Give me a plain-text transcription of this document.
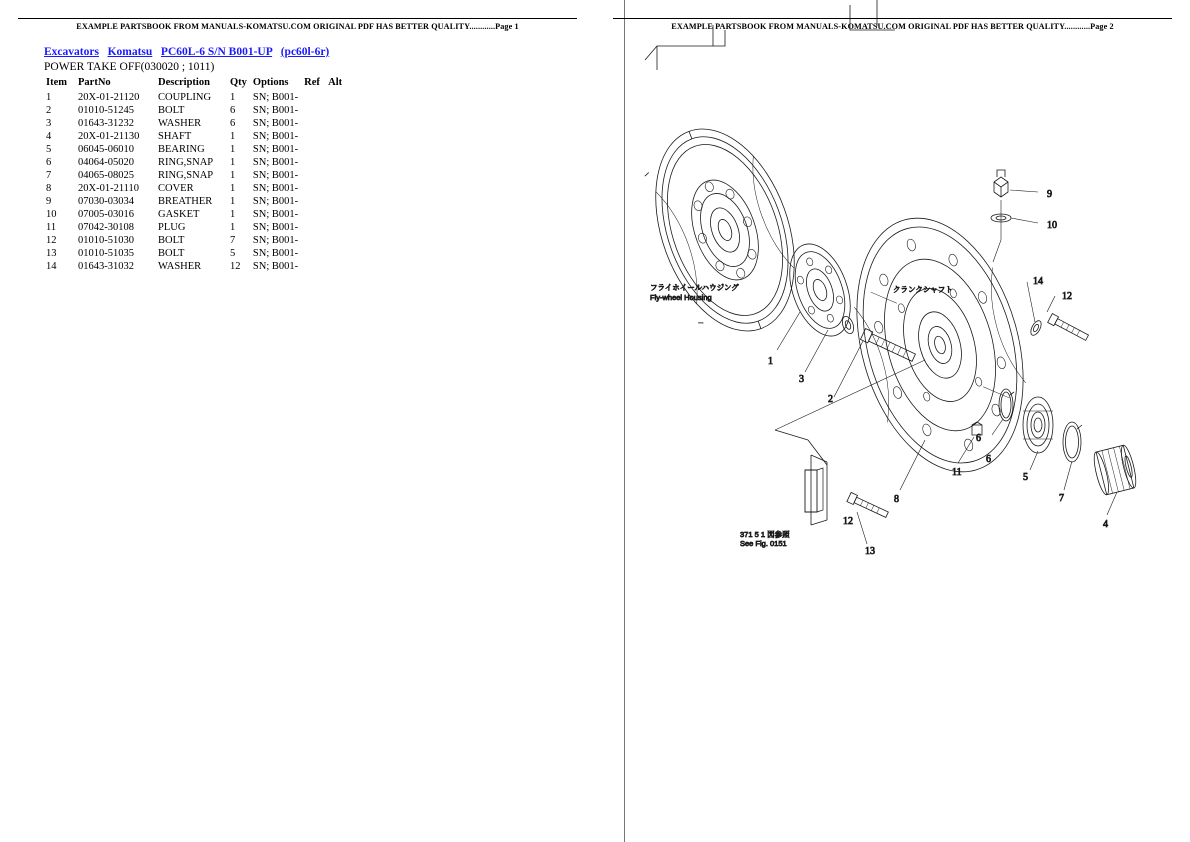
EXAMPLE PARTSBOOK FROM MANUALS-KOMATSU.COM ORIGINAL PDF HAS BETTER QUALITY............Page 1
Excavators Komatsu PC60L-6 S/N B001-UP (pc60l-6r)
POWER TAKE OFF(030020 ; 1011)
Item	PartNo	Description	Qty	Options	Ref	Alt
1	20X-01-21120	COUPLING	1	SN; B001-		
2	01010-51245	BOLT	6	SN; B001-		
3	01643-31232	WASHER	6	SN; B001-		
4	20X-01-21130	SHAFT	1	SN; B001-		
5	06045-06010	BEARING	1	SN; B001-		
6	04064-05020	RING,SNAP	1	SN; B001-		
7	04065-08025	RING,SNAP	1	SN; B001-		
8	20X-01-21110	COVER	1	SN; B001-		
9	07030-03034	BREATHER	1	SN; B001-		
10	07005-03016	GASKET	1	SN; B001-		
11	07042-30108	PLUG	1	SN; B001-		
12	01010-51030	BOLT	7	SN; B001-		
13	01010-51035	BOLT	5	SN; B001-		
14	01643-31032	WASHER	12	SN; B001-		
EXAMPLE PARTSBOOK FROM MANUALS-KOMATSU.COM ORIGINAL PDF HAS BETTER QUALITY............Page 2
1
2
3
4
5
6
7
8
9
10
11
12
13
14
6
12
フライホイールハウジング
Fly-wheel Housing
クランクシャフト
371 5 1 図参照
See Fig. 0151
